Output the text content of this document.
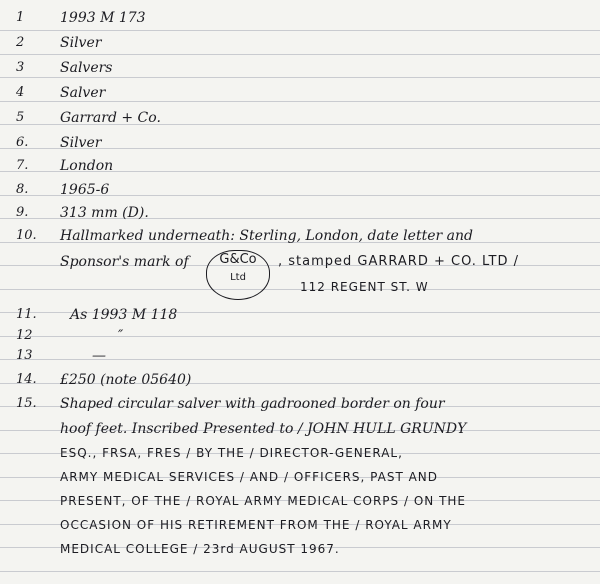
1	1993 M 173
2	Silver
3	Salvers
4	Salver
5	Garrard + Co.
6. Silver
7. London
8. 1965-6
9. 313 mm (D).
10. Hallmarked underneath: Sterling, London, date letter and
Sponsor's mark of	, stamped GARRARD + CO. LTD /
G&Co
Ltd
112 REGENT ST. W
11. As 1993 M 118
12	″
13	—
14. £250 (note 05640)
15. Shaped circular salver with gadrooned border on four
hoof feet. Inscribed Presented to / JOHN HULL GRUNDY
ESQ., FRSA, FRES / BY THE / DIRECTOR-GENERAL,
ARMY MEDICAL SERVICES / AND / OFFICERS, PAST AND
PRESENT, OF THE / ROYAL ARMY MEDICAL CORPS / ON THE
OCCASION OF HIS RETIREMENT FROM THE / ROYAL ARMY
MEDICAL COLLEGE / 23rd AUGUST 1967.
